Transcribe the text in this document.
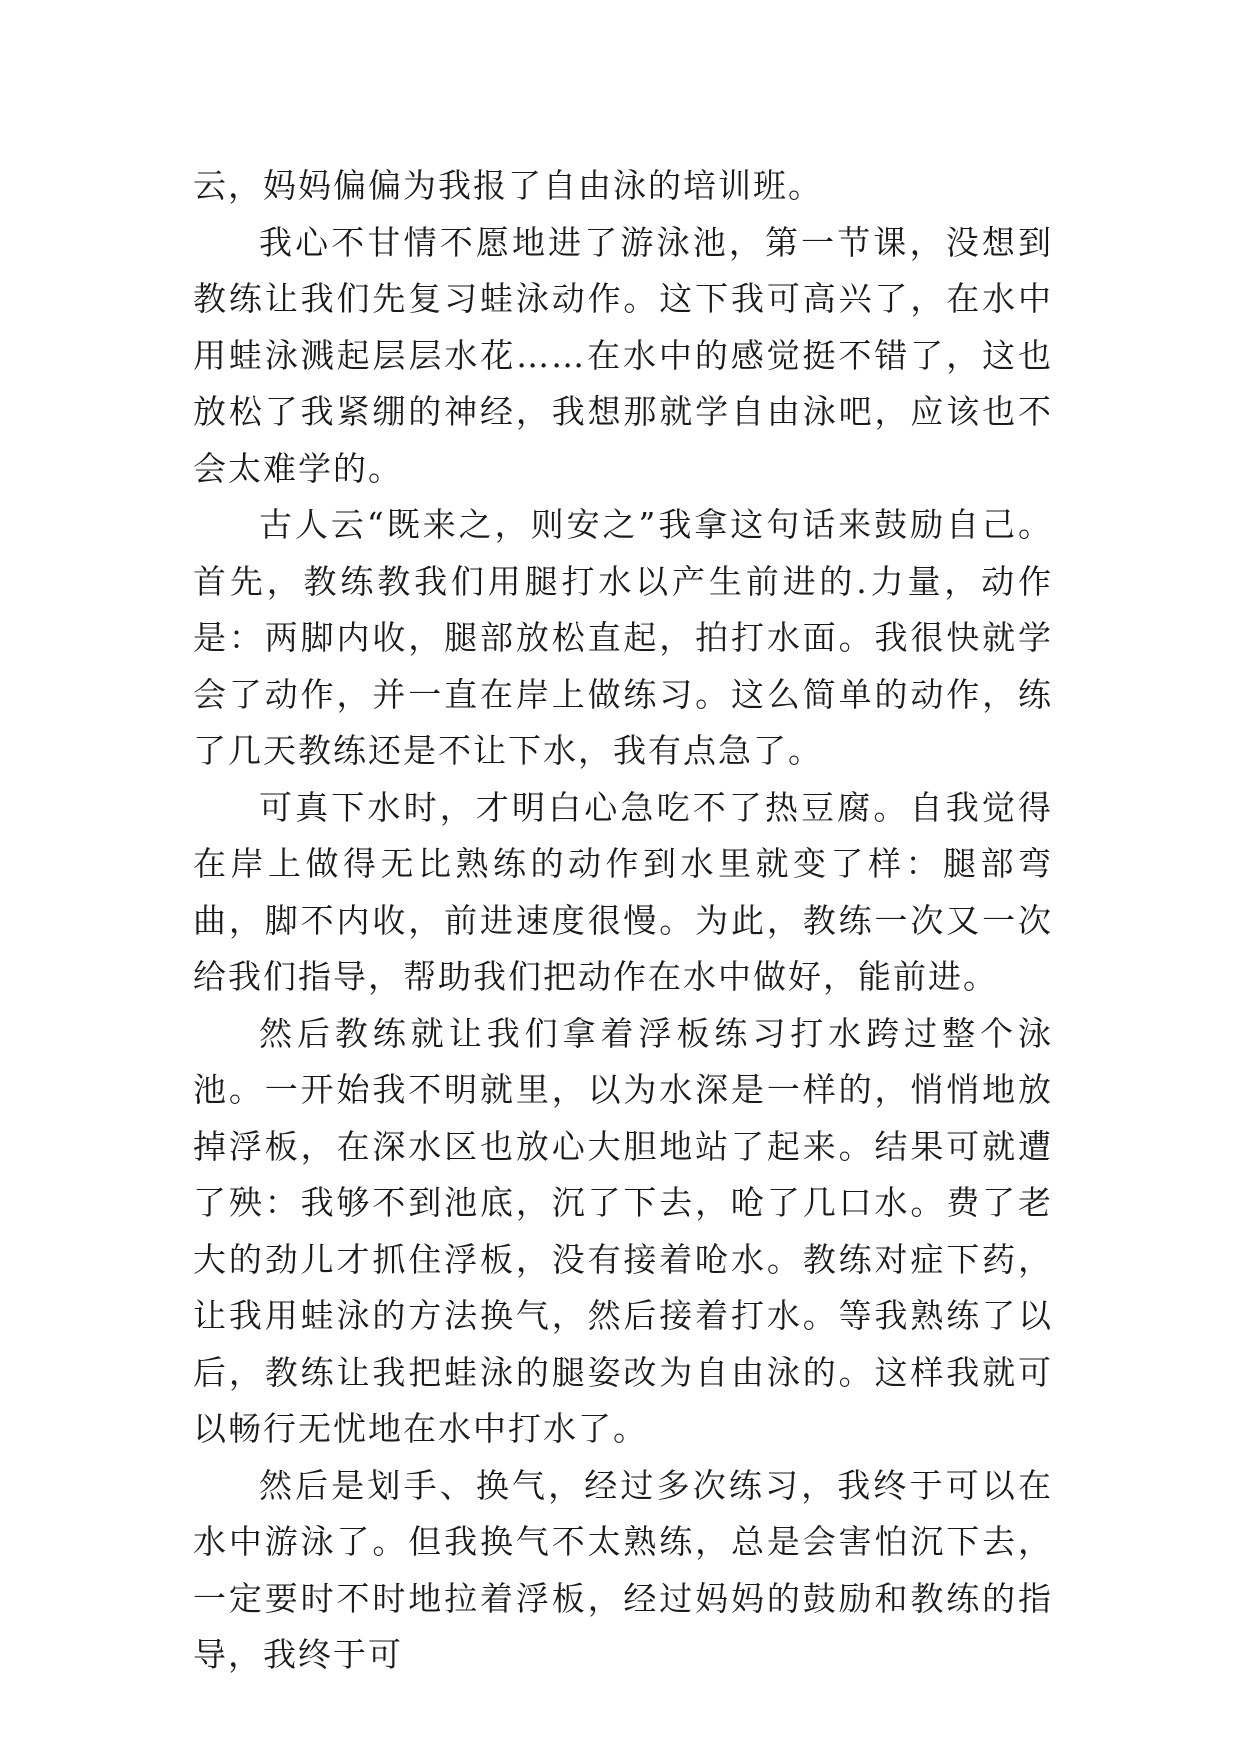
云，妈妈偏偏为我报了自由泳的培训班。

我心不甘情不愿地进了游泳池，第一节课，没想到教练让我们先复习蛙泳动作。这下我可高兴了，在水中用蛙泳溅起层层水花……在水中的感觉挺不错了，这也放松了我紧绷的神经，我想那就学自由泳吧，应该也不会太难学的。

古人云“既来之，则安之”我拿这句话来鼓励自己。首先，教练教我们用腿打水以产生前进的.力量，动作是：两脚内收，腿部放松直起，拍打水面。我很快就学会了动作，并一直在岸上做练习。这么简单的动作，练了几天教练还是不让下水，我有点急了。

可真下水时，才明白心急吃不了热豆腐。自我觉得在岸上做得无比熟练的动作到水里就变了样：腿部弯曲，脚不内收，前进速度很慢。为此，教练一次又一次给我们指导，帮助我们把动作在水中做好，能前进。

然后教练就让我们拿着浮板练习打水跨过整个泳池。一开始我不明就里，以为水深是一样的，悄悄地放掉浮板，在深水区也放心大胆地站了起来。结果可就遭了殃：我够不到池底，沉了下去，呛了几口水。费了老大的劲儿才抓住浮板，没有接着呛水。教练对症下药，让我用蛙泳的方法换气，然后接着打水。等我熟练了以后，教练让我把蛙泳的腿姿改为自由泳的。这样我就可以畅行无忧地在水中打水了。

然后是划手、换气，经过多次练习，我终于可以在水中游泳了。但我换气不太熟练，总是会害怕沉下去，一定要时不时地拉着浮板，经过妈妈的鼓励和教练的指导，我终于可
